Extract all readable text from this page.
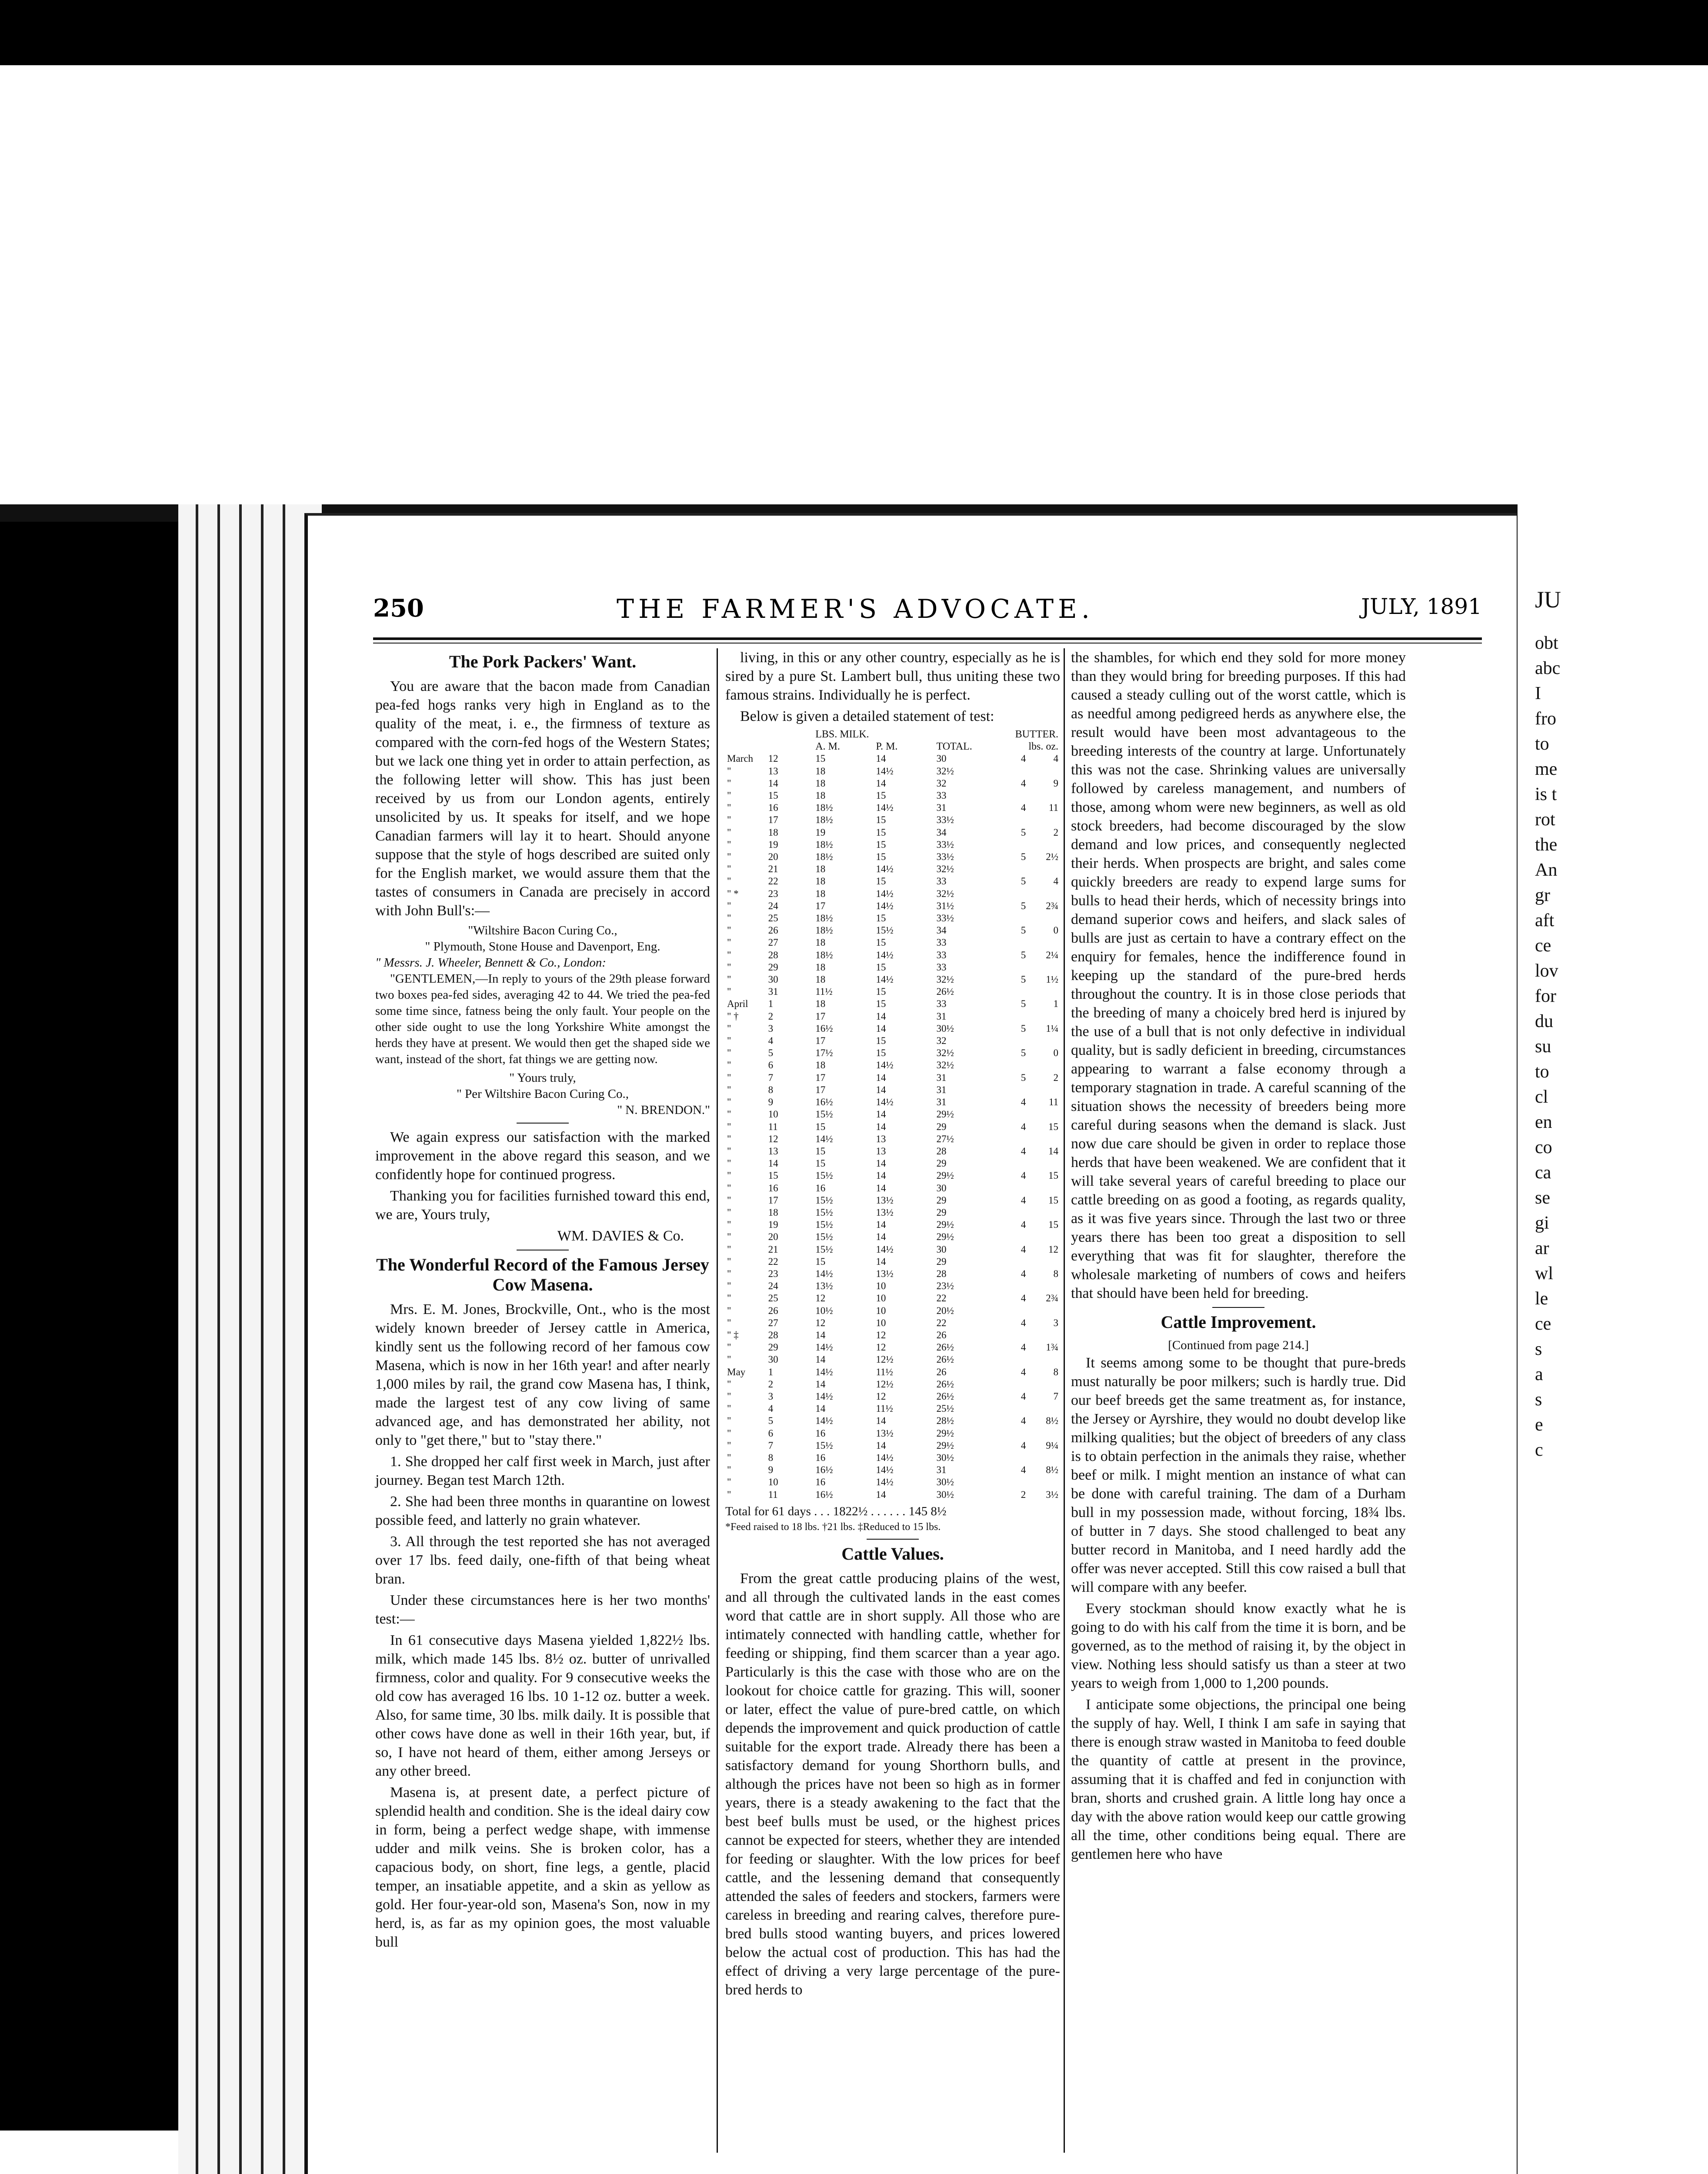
JU
obt
abc
I
fro
to
me
is t
rot
the
An
gr
aft
ce
lov
for
du
su
to
cl
en
co
ca
se
gi
ar
wl
le
ce
s
a
s
e
c
250	THE FARMER'S ADVOCATE.	JULY, 1891
The Pork Packers' Want.

You are aware that the bacon made from Canadian pea-fed hogs ranks very high in England as to the quality of the meat, i. e., the firmness of texture as compared with the corn-fed hogs of the Western States; but we lack one thing yet in order to attain perfection, as the following letter will show. This has just been received by us from our London agents, entirely unsolicited by us. It speaks for itself, and we hope Canadian farmers will lay it to heart. Should anyone suppose that the style of hogs described are suited only for the English market, we would assure them that the tastes of consumers in Canada are precisely in accord with John Bull's:—

"Wiltshire Bacon Curing Co.,
" Plymouth, Stone House and Davenport, Eng.
" Messrs. J. Wheeler, Bennett & Co., London:

"GENTLEMEN,—In reply to yours of the 29th please forward two boxes pea-fed sides, averaging 42 to 44. We tried the pea-fed some time since, fatness being the only fault. Your people on the other side ought to use the long Yorkshire White amongst the herds they have at present. We would then get the shaped side we want, instead of the short, fat things we are getting now.

" Yours truly,
" Per Wiltshire Bacon Curing Co.,
" N. BRENDON."

We again express our satisfaction with the marked improvement in the above regard this season, and we confidently hope for continued progress.

Thanking you for facilities furnished toward this end, we are, Yours truly,

WM. DAVIES & Co.
The Wonderful Record of the Famous Jersey Cow Masena.

Mrs. E. M. Jones, Brockville, Ont., who is the most widely known breeder of Jersey cattle in America, kindly sent us the following record of her famous cow Masena, which is now in her 16th year! and after nearly 1,000 miles by rail, the grand cow Masena has, I think, made the largest test of any cow living of same advanced age, and has demonstrated her ability, not only to "get there," but to "stay there."

1. She dropped her calf first week in March, just after journey. Began test March 12th.

2. She had been three months in quarantine on lowest possible feed, and latterly no grain whatever.

3. All through the test reported she has not averaged over 17 lbs. feed daily, one-fifth of that being wheat bran.

Under these circumstances here is her two months' test:—

In 61 consecutive days Masena yielded 1,822½ lbs. milk, which made 145 lbs. 8½ oz. butter of unrivalled firmness, color and quality. For 9 consecutive weeks the old cow has averaged 16 lbs. 10 1-12 oz. butter a week. Also, for same time, 30 lbs. milk daily. It is possible that other cows have done as well in their 16th year, but, if so, I have not heard of them, either among Jerseys or any other breed.

Masena is, at present date, a perfect picture of splendid health and condition. She is the ideal dairy cow in form, being a perfect wedge shape, with immense udder and milk veins. She is broken color, has a capacious body, on short, fine legs, a gentle, placid temper, an insatiable appetite, and a skin as yellow as gold. Her four-year-old son, Masena's Son, now in my herd, is, as far as my opinion goes, the most valuable bull

living, in this or any other country, especially as he is sired by a pure St. Lambert bull, thus uniting these two famous strains. Individually he is perfect.

Below is given a detailed statement of test:

		LBS. MILK.			BUTTER.	
		A. M.	P. M.	TOTAL.	lbs. oz.	
March	12	15	14	30	4	4
"	13	18	14½	32½		
"	14	18	14	32	4	9
"	15	18	15	33		
"	16	18½	14½	31	4	11
"	17	18½	15	33½		
"	18	19	15	34	5	2
"	19	18½	15	33½		
"	20	18½	15	33½	5	2½
"	21	18	14½	32½		
"	22	18	15	33	5	4
" *	23	18	14½	32½		
"	24	17	14½	31½	5	2¾
"	25	18½	15	33½		
"	26	18½	15½	34	5	0
"	27	18	15	33		
"	28	18½	14½	33	5	2¼
"	29	18	15	33		
"	30	18	14½	32½	5	1½
"	31	11½	15	26½		
April	1	18	15	33	5	1
" †	2	17	14	31		
"	3	16½	14	30½	5	1¼
"	4	17	15	32		
"	5	17½	15	32½	5	0
"	6	18	14½	32½		
"	7	17	14	31	5	2
"	8	17	14	31		
"	9	16½	14½	31	4	11
"	10	15½	14	29½		
"	11	15	14	29	4	15
"	12	14½	13	27½		
"	13	15	13	28	4	14
"	14	15	14	29		
"	15	15½	14	29½	4	15
"	16	16	14	30		
"	17	15½	13½	29	4	15
"	18	15½	13½	29		
"	19	15½	14	29½	4	15
"	20	15½	14	29½		
"	21	15½	14½	30	4	12
"	22	15	14	29		
"	23	14½	13½	28	4	8
"	24	13½	10	23½		
"	25	12	10	22	4	2¾
"	26	10½	10	20½		
"	27	12	10	22	4	3
" ‡	28	14	12	26		
"	29	14½	12	26½	4	1¾
"	30	14	12½	26½		
May	1	14½	11½	26	4	8
"	2	14	12½	26½		
"	3	14½	12	26½	4	7
"	4	14	11½	25½		
"	5	14½	14	28½	4	8½
"	6	16	13½	29½		
"	7	15½	14	29½	4	9¼
"	8	16	14½	30½		
"	9	16½	14½	31	4	8½
"	10	16	14½	30½		
"	11	16½	14	30½	2	3½
Total for 61 days . . . 1822½ . . . . . . 145 8½
*Feed raised to 18 lbs. †21 lbs. ‡Reduced to 15 lbs.
Cattle Values.

From the great cattle producing plains of the west, and all through the cultivated lands in the east comes word that cattle are in short supply. All those who are intimately connected with handling cattle, whether for feeding or shipping, find them scarcer than a year ago. Particularly is this the case with those who are on the lookout for choice cattle for grazing. This will, sooner or later, effect the value of pure-bred cattle, on which depends the improvement and quick production of cattle suitable for the export trade. Already there has been a satisfactory demand for young Shorthorn bulls, and although the prices have not been so high as in former years, there is a steady awakening to the fact that the best beef bulls must be used, or the highest prices cannot be expected for steers, whether they are intended for feeding or slaughter. With the low prices for beef cattle, and the lessening demand that consequently attended the sales of feeders and stockers, farmers were careless in breeding and rearing calves, therefore pure-bred bulls stood wanting buyers, and prices lowered below the actual cost of production. This has had the effect of driving a very large percentage of the pure-bred herds to

the shambles, for which end they sold for more money than they would bring for breeding purposes. If this had caused a steady culling out of the worst cattle, which is as needful among pedigreed herds as anywhere else, the result would have been most advantageous to the breeding interests of the country at large. Unfortunately this was not the case. Shrinking values are universally followed by careless management, and numbers of those, among whom were new beginners, as well as old stock breeders, had become discouraged by the slow demand and low prices, and consequently neglected their herds. When prospects are bright, and sales come quickly breeders are ready to expend large sums for bulls to head their herds, which of necessity brings into demand superior cows and heifers, and slack sales of bulls are just as certain to have a contrary effect on the enquiry for females, hence the indifference found in keeping up the standard of the pure-bred herds throughout the country. It is in those close periods that the breeding of many a choicely bred herd is injured by the use of a bull that is not only defective in individual quality, but is sadly deficient in breeding, circumstances appearing to warrant a false economy through a temporary stagnation in trade. A careful scanning of the situation shows the necessity of breeders being more careful during seasons when the demand is slack. Just now due care should be given in order to replace those herds that have been weakened. We are confident that it will take several years of careful breeding to place our cattle breeding on as good a footing, as regards quality, as it was five years since. Through the last two or three years there has been too great a disposition to sell everything that was fit for slaughter, therefore the wholesale marketing of numbers of cows and heifers that should have been held for breeding.

Cattle Improvement.
[Continued from page 214.]

It seems among some to be thought that pure-breds must naturally be poor milkers; such is hardly true. Did our beef breeds get the same treatment as, for instance, the Jersey or Ayrshire, they would no doubt develop like milking qualities; but the object of breeders of any class is to obtain perfection in the animals they raise, whether beef or milk. I might mention an instance of what can be done with careful training. The dam of a Durham bull in my possession made, without forcing, 18¾ lbs. of butter in 7 days. She stood challenged to beat any butter record in Manitoba, and I need hardly add the offer was never accepted. Still this cow raised a bull that will compare with any beefer.

Every stockman should know exactly what he is going to do with his calf from the time it is born, and be governed, as to the method of raising it, by the object in view. Nothing less should satisfy us than a steer at two years to weigh from 1,000 to 1,200 pounds.

I anticipate some objections, the principal one being the supply of hay. Well, I think I am safe in saying that there is enough straw wasted in Manitoba to feed double the quantity of cattle at present in the province, assuming that it is chaffed and fed in conjunction with bran, shorts and crushed grain. A little long hay once a day with the above ration would keep our cattle growing all the time, other conditions being equal. There are gentlemen here who have
